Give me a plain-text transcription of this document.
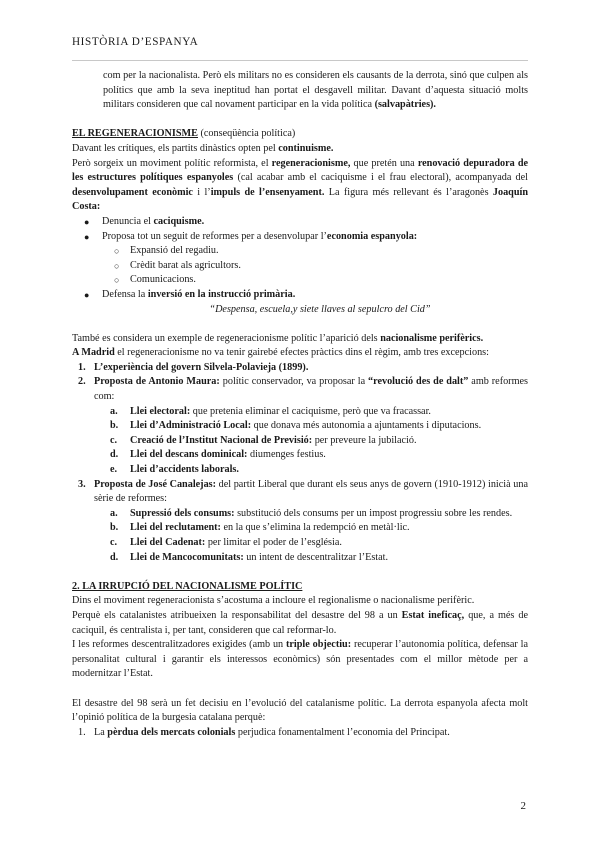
HISTÒRIA D’ESPANYA

com per la nacionalista. Però els militars no es consideren els causants de la derrota, sinó que culpen als polítics que amb la seva ineptitud han portat el desgavell militar. Davant d’aquesta situació molts militars consideren que cal novament participar en la vida política (salvapàtries).

EL REGENERACIONISME (conseqüència política)

Davant les crítiques, els partits dinàstics opten pel continuisme.

Però sorgeix un moviment polític reformista, el regeneracionisme, que pretén una renovació depuradora de les estructures polítiques espanyoles (cal acabar amb el caciquisme i el frau electoral), acompanyada del desenvolupament econòmic i l’impuls de l’ensenyament. La figura més rellevant és l’aragonès Joaquín Costa:

● Denuncia el caciquisme.
● Proposa tot un seguit de reformes per a desenvolupar l’economia espanyola:
○ Expansió del regadiu.
○ Crèdit barat als agricultors.
○ Comunicacions.
● Defensa la inversió en la instrucció primària.

“Despensa, escuela,y siete llaves al sepulcro del Cid”

També es considera un exemple de regeneracionisme polític l’aparició dels nacionalisme perifèrics.

A Madrid el regeneracionisme no va tenir gairebé efectes pràctics dins el règim, amb tres excepcions:

1. L’experiència del govern Silvela-Polavieja (1899).
2. Proposta de Antonio Maura: polític conservador, va proposar la “revolució des de dalt” amb reformes com:
a. Llei electoral: que pretenia eliminar el caciquisme, però que va fracassar.
b. Llei d’Administració Local: que donava més autonomia a ajuntaments i diputacions.
c. Creació de l’Institut Nacional de Previsió: per preveure la jubilació.
d. Llei del descans dominical: diumenges festius.
e. Llei d’accidents laborals.
3. Proposta de José Canalejas: del partit Liberal que durant els seus anys de govern (1910-1912) inicià una sèrie de reformes:
a. Supressió dels consums: substitució dels consums per un impost progressiu sobre les rendes.
b. Llei del reclutament: en la que s’elimina la redempció en metàl·lic.
c. Llei del Cadenat: per limitar el poder de l’església.
d. Llei de Mancocomunitats: un intent de descentralitzar l’Estat.

2. LA IRRUPCIÓ DEL NACIONALISME POLÍTIC

Dins el moviment regeneracionista s’acostuma a incloure el regionalisme o nacionalisme perifèric.

Perquè els catalanistes atribueixen la responsabilitat del desastre del 98 a un Estat ineficaç, que, a més de caciquil, és centralista i, per tant, consideren que cal reformar-lo.

I les reformes descentralitzadores exigides (amb un triple objectiu: recuperar l’autonomia política, defensar la personalitat cultural i garantir els interessos econòmics) són presentades com el millor mètode per a modernitzar l’Estat.

El desastre del 98 serà un fet decisiu en l’evolució del catalanisme polític. La derrota espanyola afecta molt l’opinió política de la burgesia catalana perquè:

1. La pèrdua dels mercats colonials perjudica fonamentalment l’economia del Principat.
2
